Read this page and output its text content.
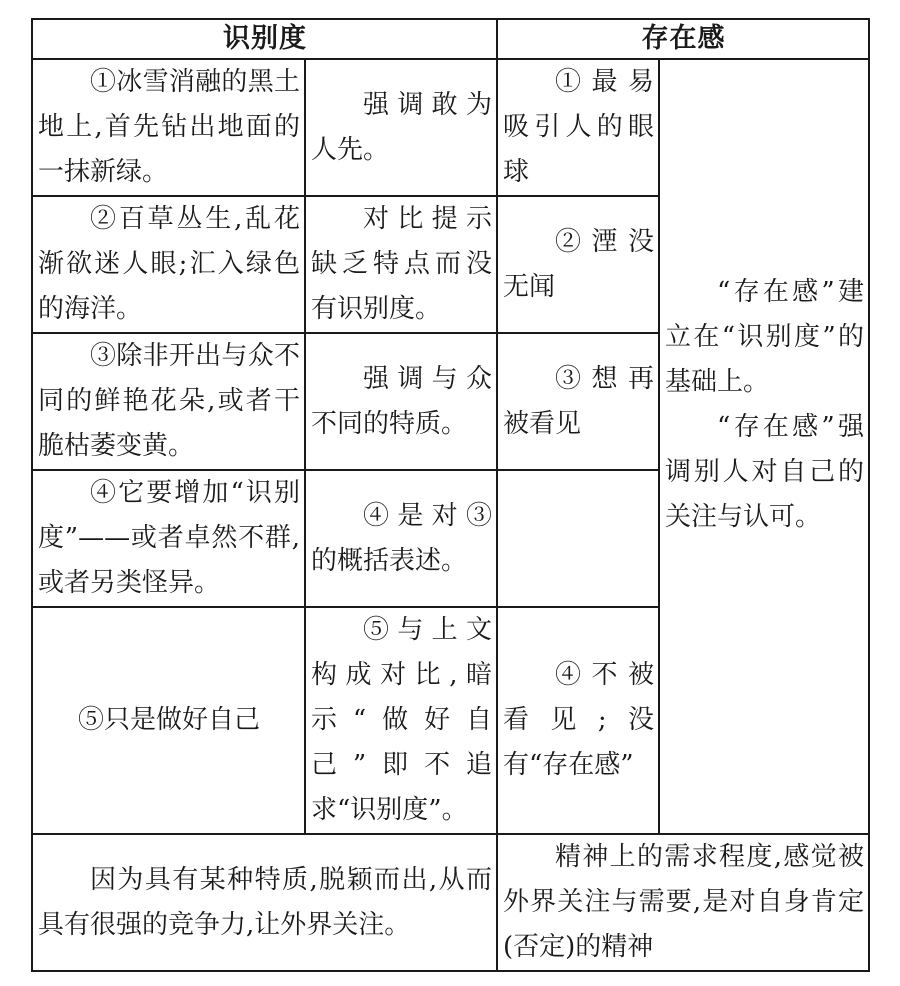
识别度		存在感	

①冰雪消融的黑土地上,首先钻出地面的一抹新绿。	强调敢为人先。	①最易吸引人的眼球	“存在感”建立在“识别度”的基础上。

“存在感”强调别人对自己的关注与认可。

②百草丛生,乱花渐欲迷人眼;汇入绿色的海洋。	对比提示缺乏特点而没有识别度。	②湮没无闻	

③除非开出与众不同的鲜艳花朵,或者干脆枯萎变黄。	强调与众不同的特质。	③想再被看见	

④它要增加“识别度”——或者卓然不群,或者另类怪异。	④是对③的概括表述。		

⑤只是做好自己	⑤与上文构成对比,暗示“做好自己”即不追求“识别度”。	④不被看见;没有“存在感”	

因为具有某种特质,脱颖而出,从而具有很强的竞争力,让外界关注。		精神上的需求程度,感觉被外界关注与需要,是对自身肯定(否定)的精神	
